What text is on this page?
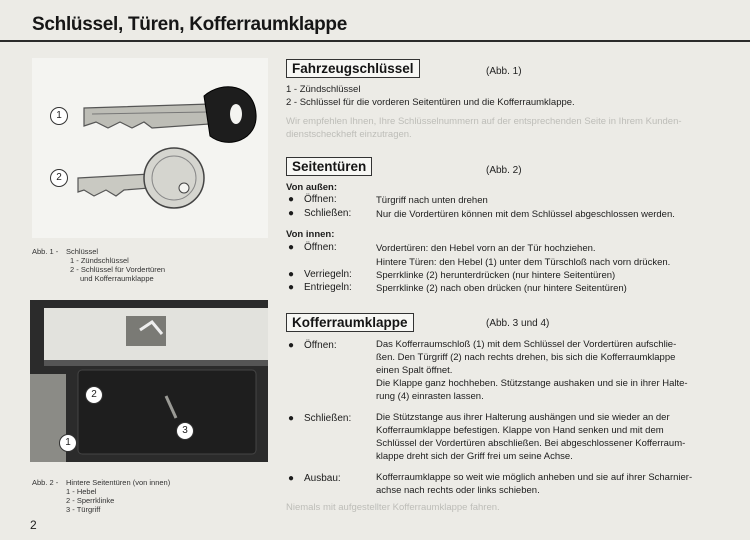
Schlüssel, Türen, Kofferraumklappe
1
2
Abb. 1 - Schlüssel
1 - Zündschlüssel
2 - Schlüssel für Vordertüren
und Kofferraumklappe
2
1
3
Abb. 2 - Hintere Seitentüren (von innen)
1 - Hebel
2 - Sperrklinke
3 - Türgriff
2
Fahrzeugschlüssel	(Abb. 1)
1 - Zündschlüssel
2 - Schlüssel für die vorderen Seitentüren und die Kofferraumklappe.
Wir empfehlen Ihnen, Ihre Schlüsselnummern auf der entsprechenden Seite in Ihrem Kunden-
dienstscheckheft einzutragen.
Seitentüren	(Abb. 2)
Von außen:
● Öffnen:	Türgriff nach unten drehen
● Schließen:	Nur die Vordertüren können mit dem Schlüssel abgeschlossen werden.
Von innen:
● Öffnen:	Vordertüren: den Hebel vorn an der Tür hochziehen.
Hintere Türen: den Hebel (1) unter dem Türschloß nach vorn drücken.
● Verriegeln:	Sperrklinke (2) herunterdrücken (nur hintere Seitentüren)
● Entriegeln:	Sperrklinke (2) nach oben drücken (nur hintere Seitentüren)
Kofferraumklappe	(Abb. 3 und 4)
● Öffnen:	Das Kofferraumschloß (1) mit dem Schlüssel der Vordertüren aufschlie-
ßen. Den Türgriff (2) nach rechts drehen, bis sich die Kofferraumklappe
einen Spalt öffnet.
Die Klappe ganz hochheben. Stützstange aushaken und sie in ihrer Halte-
rung (4) einrasten lassen.
● Schließen:	Die Stützstange aus ihrer Halterung aushängen und sie wieder an der
Kofferraumklappe befestigen. Klappe von Hand senken und mit dem
Schlüssel der Vordertüren abschließen. Bei abgeschlossener Kofferraum-
klappe dreht sich der Griff frei um seine Achse.
● Ausbau:	Kofferraumklappe so weit wie möglich anheben und sie auf ihrer Scharnier-
achse nach rechts oder links schieben.
Niemals mit aufgestellter Kofferraumklappe fahren.
